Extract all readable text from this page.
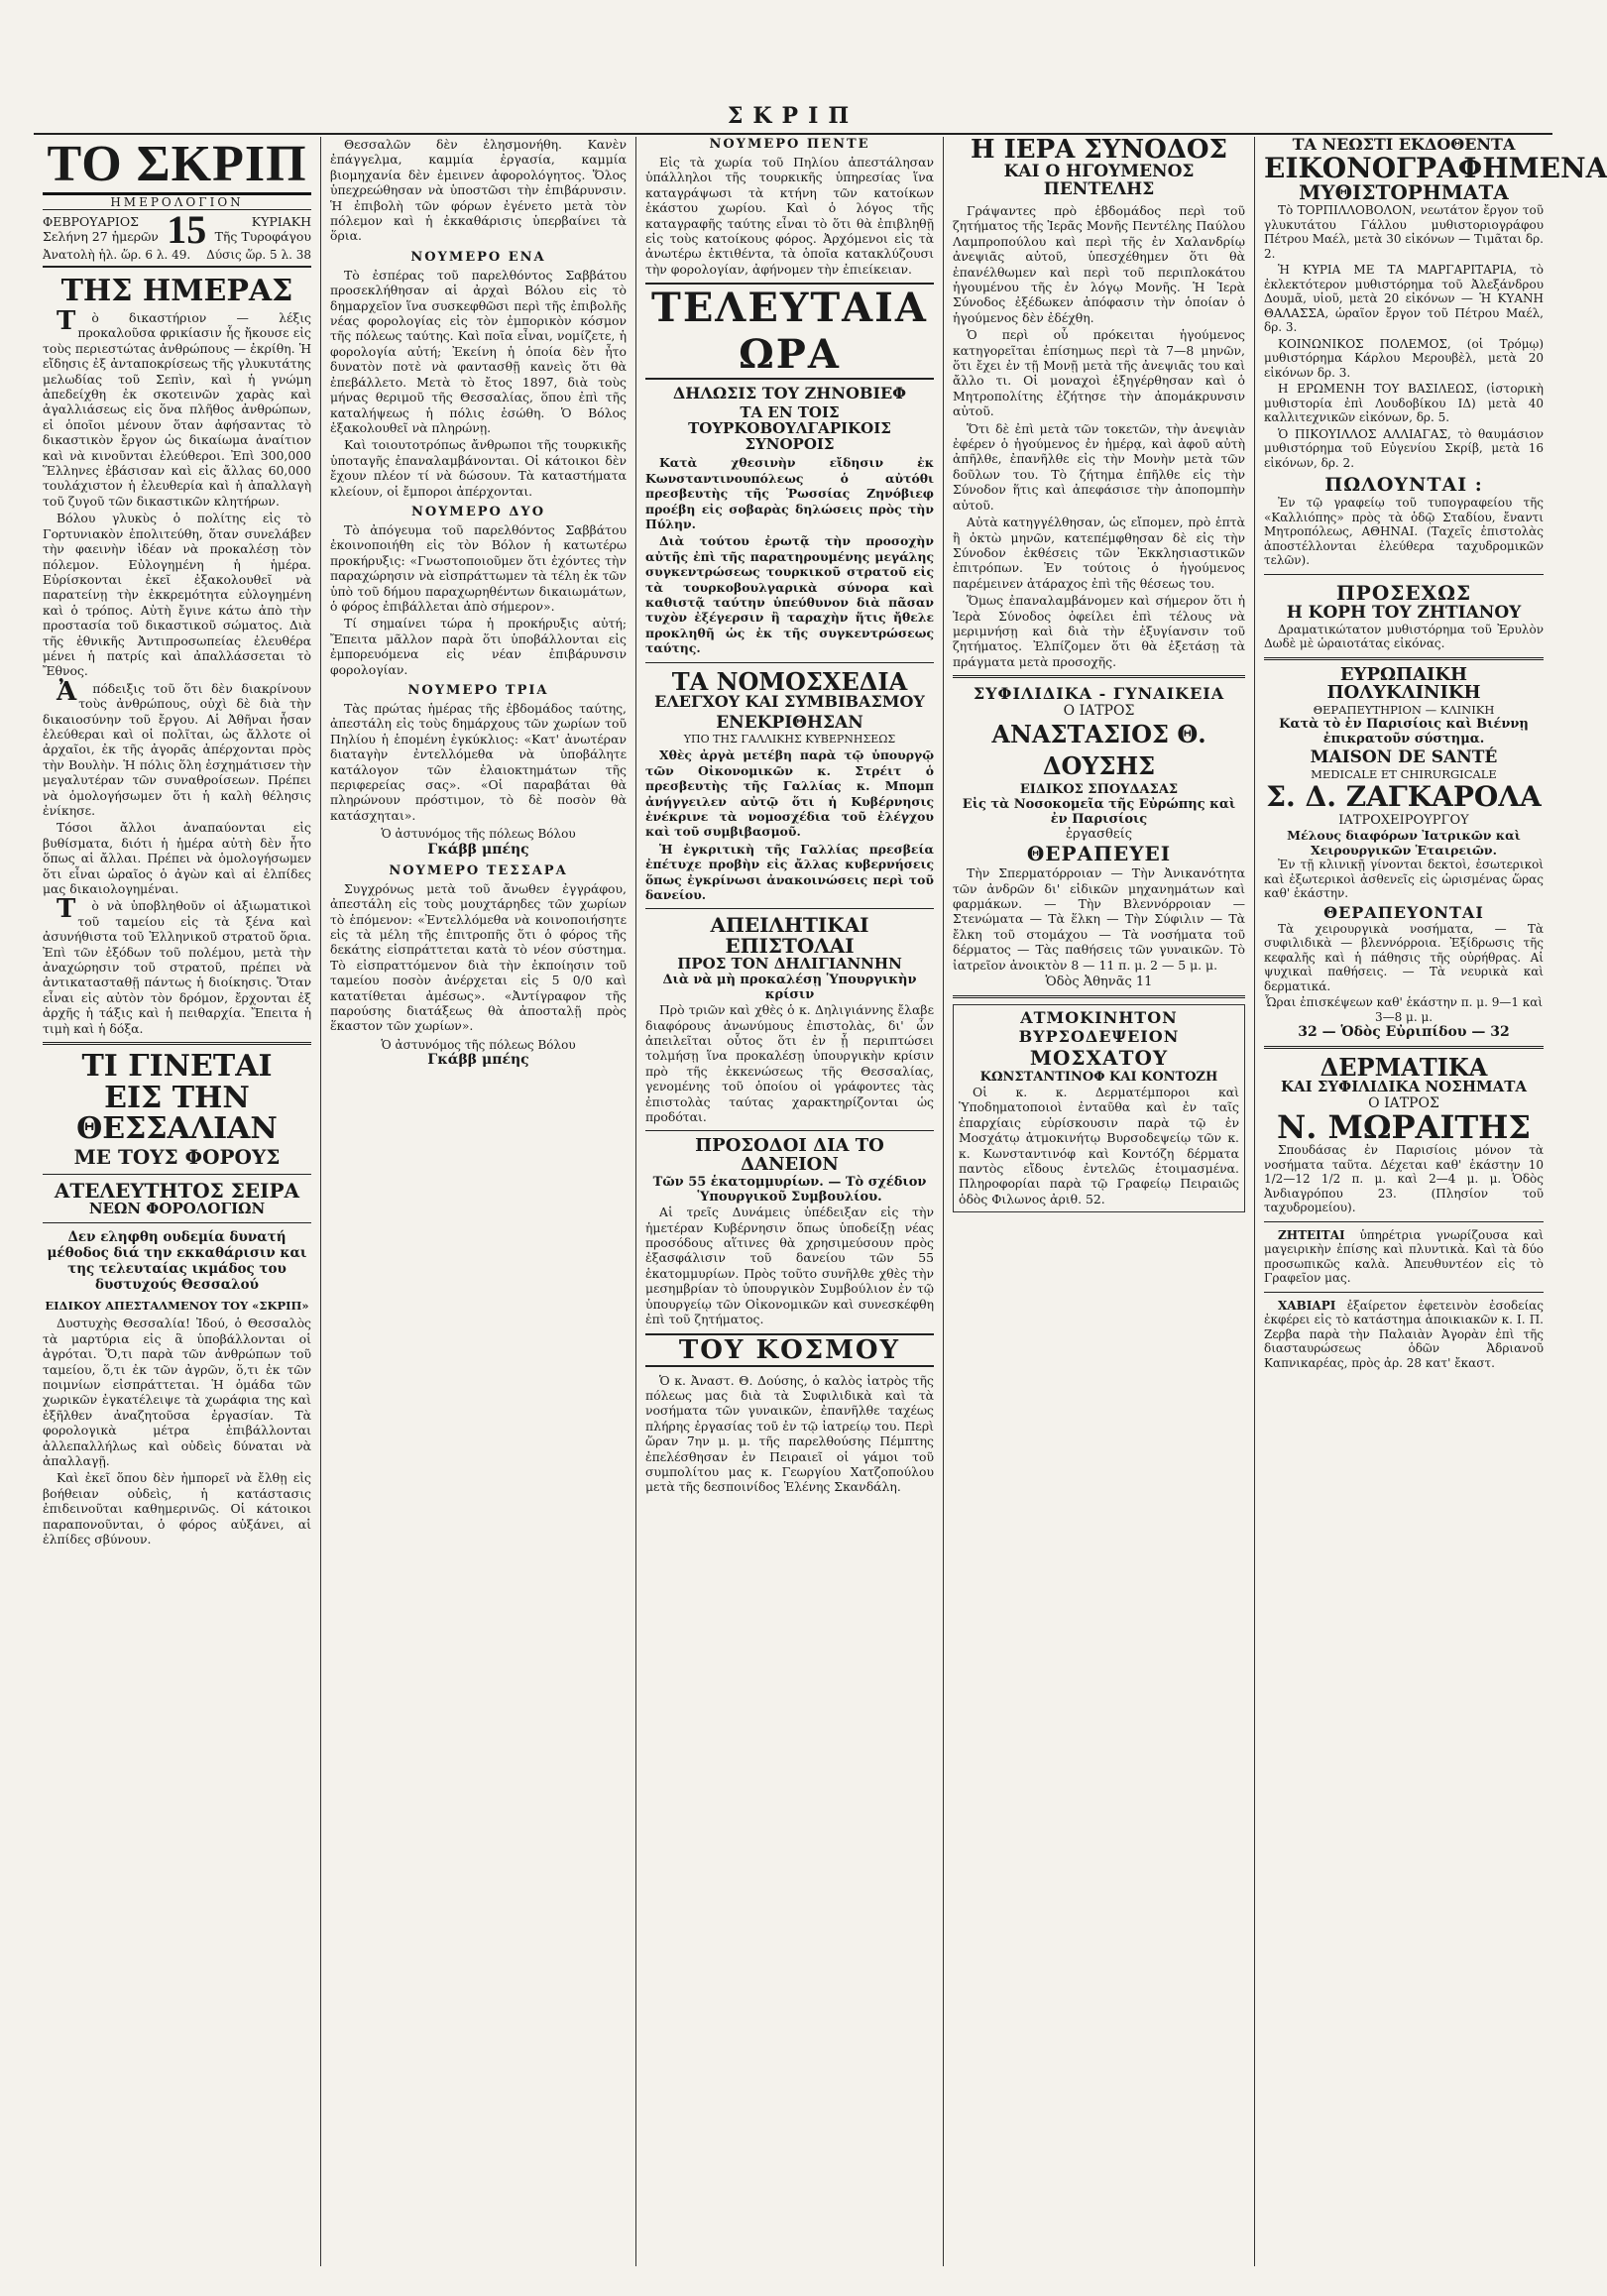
ΣΚΡΙΠ
ΤΟ ΣΚΡΙΠ
ΗΜΕΡΟΛΟΓΙΟΝ
ΦΕΒΡΟΥΑΡΙΟΣ
Σελήνη 27 ἡμερῶν 15	ΚΥΡΙΑΚΗ
Τῆς Τυροφάγου
Ἀνατολὴ ἡλ. ὥρ. 6 λ. 49. Δύσις ὥρ. 5 λ. 38
ΤΗΣ ΗΜΕΡΑΣ

Τὸ δικαστήριον — λέξις προκαλοῦσα φρικίασιν ἧς ἤκουσε εἰς τοὺς περιεστώτας ἀνθρώπους — ἐκρίθη. Ἡ εἴδησις ἐξ ἀνταποκρίσεως τῆς γλυκυτάτης μελωδίας τοῦ Σεπὶν, καὶ ἡ γνώμη ἀπεδείχθη ἐκ σκοτεινῶν χαρὰς καὶ ἀγαλλιάσεως εἰς ὅνα πλῆθος ἀνθρώπων, εἰ ὁποῖοι μένουν ὅταν ἀφήσαντας τὸ δικαστικὸν ἔργον ὡς δικαίωμα ἀναίτιον καὶ νὰ κινοῦνται ἐλεύθεροι. Ἐπὶ 300,000 Ἕλληνες ἐβάσισαν καὶ εἰς ἄλλας 60,000 τουλάχιστον ἡ ἐλευθερία καὶ ἡ ἀπαλλαγὴ τοῦ ζυγοῦ τῶν δικαστικῶν κλητήρων.

Βόλου γλυκὺς ὁ πολίτης εἰς τὸ Γορτυνιακὸν ἐπολιτεύθη, ὅταν συνελάβεν τὴν φαεινὴν ἰδέαν νὰ προκαλέσῃ τὸν πόλεμον. Εὐλογημένη ἡ ἡμέρα. Εὐρίσκονται ἐκεῖ ἐξακολουθεῖ νὰ παρατείνῃ τὴν ἐκκρεμότητα εὐλογημένη καὶ ὁ τρόπος. Αὐτὴ ἔγινε κάτω ἀπὸ τὴν προστασία τοῦ δικαστικοῦ σώματος. Διὰ τῆς ἐθνικῆς Ἀντιπροσωπείας ἐλευθέρα μένει ἡ πατρίς καὶ ἀπαλλάσσεται τὸ Ἔθνος.

Ἀπόδειξις τοῦ ὅτι δὲν διακρίνουν τοὺς ἀνθρώπους, οὐχὶ δὲ διὰ τὴν δικαιοσύνην τοῦ ἔργου. Αἱ Ἀθῆναι ἦσαν ἐλεύθεραι καὶ οἱ πολῖται, ὡς ἄλλοτε οἱ ἀρχαῖοι, ἐκ τῆς ἀγορᾶς ἀπέρχονται πρὸς τὴν Βουλὴν. Ἡ πόλις ὅλη ἐσχημάτισεν τὴν μεγαλυτέραν τῶν συναθροίσεων. Πρέπει νὰ ὁμολογήσωμεν ὅτι ἡ καλὴ θέλησις ἐνίκησε.

Τόσοι ἄλλοι ἀναπαύονται εἰς βυθίσματα, διότι ἡ ἡμέρα αὐτὴ δὲν ἦτο ὅπως αἱ ἄλλαι. Πρέπει νὰ ὁμολογήσωμεν ὅτι εἶναι ὡραῖος ὁ ἀγὼν καὶ αἱ ἐλπίδες μας δικαιολογημέναι.

Τὸ νὰ ὑποβληθοῦν οἱ ἀξιωματικοὶ τοῦ ταμείου εἰς τὰ ξένα καὶ ἀσυνήθιστα τοῦ Ἑλληνικοῦ στρατοῦ ὅρια. Ἐπὶ τῶν ἐξόδων τοῦ πολέμου, μετὰ τὴν ἀναχώρησιν τοῦ στρατοῦ, πρέπει νὰ ἀντικατασταθῇ πάντως ἡ διοίκησις. Ὅταν εἶναι εἰς αὐτὸν τὸν δρόμον, ἔρχονται ἐξ ἀρχῆς ἡ τάξις καὶ ἡ πειθαρχία. Ἔπειτα ἡ τιμὴ καὶ ἡ δόξα.

ΤΙ ΓΙΝΕΤΑΙ
ΕΙΣ ΤΗΝ ΘΕΣΣΑΛΙΑΝ
ΜΕ ΤΟΥΣ ΦΟΡΟΥΣ
ΑΤΕΛΕΥΤΗΤΟΣ ΣΕΙΡΑ
ΝΕΩΝ ΦΟΡΟΛΟΓΙΩΝ
Δεν εληφθη ουδεμία δυνατή μέθοδος διά την εκκαθάρισιν και της τελευταίας ικμάδος του δυστυχούς Θεσσαλού
ΕΙΔΙΚΟΥ ΑΠΕΣΤΑΛΜΕΝΟΥ ΤΟΥ «ΣΚΡΙΠ»

Δυστυχὴς Θεσσαλία! Ἰδού, ὁ Θεσσαλὸς τὰ μαρτύρια εἰς ἃ ὑποβάλλονται οἱ ἀγρόται. Ὅ,τι παρὰ τῶν ἀνθρώπων τοῦ ταμείου, ὅ,τι ἐκ τῶν ἀγρῶν, ὅ,τι ἐκ τῶν ποιμνίων εἰσπράττεται. Ἡ ὁμάδα τῶν χωρικῶν ἐγκατέλειψε τὰ χωράφια της καὶ ἐξῆλθεν ἀναζητοῦσα ἐργασίαν. Τὰ φορολογικὰ μέτρα ἐπιβάλλονται ἀλλεπαλλήλως καὶ οὐδεὶς δύναται νὰ ἀπαλλαγῇ.

Καὶ ἐκεῖ ὅπου δὲν ἠμπορεῖ νὰ ἔλθῃ εἰς βοήθειαν οὐδεὶς, ἡ κατάστασις ἐπιδεινοῦται καθημερινῶς. Οἱ κάτοικοι παραπονοῦνται, ὁ φόρος αὐξάνει, αἱ ἐλπίδες σβύνουν.

Θεσσαλῶν δὲν ἐλησμονήθη. Κανὲν ἐπάγγελμα, καμμία ἐργασία, καμμία βιομηχανία δὲν ἐμεινεν ἀφορολόγητος. Ὅλος ὑπεχρεώθησαν νὰ ὑποστῶσι τὴν ἐπιβάρυνσιν. Ἡ ἐπιβολὴ τῶν φόρων ἐγένετο μετὰ τὸν πόλεμον καὶ ἡ ἐκκαθάρισις ὑπερβαίνει τὰ ὅρια.

ΝΟΥΜΕΡΟ ΕΝΑ

Τὸ ἐσπέρας τοῦ παρελθόντος Σαββάτου προσεκλήθησαν αἱ ἀρχαὶ Βόλου εἰς τὸ δημαρχεῖον ἵνα συσκεφθῶσι περὶ τῆς ἐπιβολῆς νέας φορολογίας εἰς τὸν ἐμπορικὸν κόσμον τῆς πόλεως ταύτης. Καὶ ποῖα εἶναι, νομίζετε, ἡ φορολογία αὐτή; Ἐκείνη ἡ ὁποία δὲν ἦτο δυνατὸν ποτὲ νὰ φαντασθῇ κανεὶς ὅτι θὰ ἐπεβάλλετο. Μετὰ τὸ ἔτος 1897, διὰ τοὺς μήνας θεριμοῦ τῆς Θεσσαλίας, ὅπου ἐπὶ τῆς καταλήψεως ἡ πόλις ἐσώθη. Ὁ Βόλος ἐξακολουθεῖ νὰ πληρώνῃ.

Καὶ τοιουτοτρόπως ἄνθρωποι τῆς τουρκικῆς ὑποταγῆς ἐπαναλαμβάνονται. Οἱ κάτοικοι δὲν ἔχουν πλέον τί νὰ δώσουν. Τὰ καταστήματα κλείουν, οἱ ἔμποροι ἀπέρχονται.

ΝΟΥΜΕΡΟ ΔΥΟ

Τὸ ἀπόγευμα τοῦ παρελθόντος Σαββάτου ἐκοινοποιήθη εἰς τὸν Βόλον ἡ κατωτέρω προκήρυξις: «Γνωστοποιοῦμεν ὅτι ἐχόντες τὴν παραχώρησιν νὰ εἰσπράττωμεν τὰ τέλη ἐκ τῶν ὑπὸ τοῦ δήμου παραχωρηθέντων δικαιωμάτων, ὁ φόρος ἐπιβάλλεται ἀπὸ σήμερον».

Τί σημαίνει τώρα ἡ προκήρυξις αὐτή; Ἔπειτα μᾶλλον παρὰ ὅτι ὑποβάλλονται εἰς ἐμπορευόμενα εἰς νέαν ἐπιβάρυνσιν φορολογίαν.

ΝΟΥΜΕΡΟ ΤΡΙΑ

Τὰς πρώτας ἡμέρας τῆς ἐβδομάδος ταύτης, ἀπεστάλη εἰς τοὺς δημάρχους τῶν χωρίων τοῦ Πηλίου ἡ ἑπομένη ἐγκύκλιος: «Κατ' ἀνωτέραν διαταγὴν ἐντελλόμεθα νὰ ὑποβάλητε κατάλογον τῶν ἐλαιοκτημάτων τῆς περιφερείας σας». «Οἱ παραβάται θὰ πληρώνουν πρόστιμον, τὸ δὲ ποσὸν θὰ κατάσχηται».

Ὁ ἀστυνόμος τῆς πόλεως Βόλου
Γκάββ μπέης
ΝΟΥΜΕΡΟ ΤΕΣΣΑΡΑ

Συγχρόνως μετὰ τοῦ ἄνωθεν ἐγγράφου, ἀπεστάλη εἰς τοὺς μουχτάρηδες τῶν χωρίων τὸ ἑπόμενον: «Ἐντελλόμεθα νὰ κοινοποιήσητε εἰς τὰ μέλη τῆς ἐπιτροπῆς ὅτι ὁ φόρος τῆς δεκάτης εἰσπράττεται κατὰ τὸ νέον σύστημα. Τὸ εἰσπραττόμενον διὰ τὴν ἐκποίησιν τοῦ ταμείου ποσὸν ἀνέρχεται εἰς 5 0/0 καὶ κατατίθεται ἀμέσως». «Ἀντίγραφον τῆς παρούσης διατάξεως θὰ ἀποσταλῇ πρὸς ἕκαστον τῶν χωρίων».

Ὁ ἀστυνόμος τῆς πόλεως Βόλου
Γκάββ μπέης
ΝΟΥΜΕΡΟ ΠΕΝΤΕ

Εἰς τὰ χωρία τοῦ Πηλίου ἀπεστάλησαν ὑπάλληλοι τῆς τουρκικῆς ὑπηρεσίας ἵνα καταγράψωσι τὰ κτήνη τῶν κατοίκων ἑκάστου χωρίου. Καὶ ὁ λόγος τῆς καταγραφῆς ταύτης εἶναι τὸ ὅτι θὰ ἐπιβληθῇ εἰς τοὺς κατοίκους φόρος. Ἀρχόμενοι εἰς τὰ ἀνωτέρω ἐκτιθέντα, τὰ ὁποῖα κατακλύζουσι τὴν φορολογίαν, ἀφήνομεν τὴν ἐπιείκειαν.

ΤΕΛΕΥΤΑΙΑ ΩΡΑ
ΔΗΛΩΣΙΣ ΤΟΥ ΖΗΝΟΒΙΕΦ
ΤΑ ΕΝ ΤΟΙΣ ΤΟΥΡΚΟΒΟΥΛΓΑΡΙΚΟΙΣ ΣΥΝΟΡΟΙΣ

Κατὰ χθεσινὴν εἴδησιν ἐκ Κωνσταντινουπόλεως ὁ αὐτόθι πρεσβευτὴς τῆς Ῥωσσίας Ζηνόβιεφ προέβη εἰς σοβαρὰς δηλώσεις πρὸς τὴν Πύλην.

Διὰ τούτου ἐρωτᾷ τὴν προσοχὴν αὐτῆς ἐπὶ τῆς παρατηρουμένης μεγάλης συγκεντρώσεως τουρκικοῦ στρατοῦ εἰς τὰ τουρκοβουλγαρικὰ σύνορα καὶ καθιστᾷ ταύτην ὑπεύθυνον διὰ πᾶσαν τυχὸν ἐξέγερσιν ἢ ταραχὴν ἥτις ἤθελε προκληθῆ ὡς ἐκ τῆς συγκεντρώσεως ταύτης.

ΤΑ ΝΟΜΟΣΧΕΔΙΑ
ΕΛΕΓΧΟΥ ΚΑΙ ΣΥΜΒΙΒΑΣΜΟΥ
ΕΝΕΚΡΙΘΗΣΑΝ
ΥΠΟ ΤΗΣ ΓΑΛΛΙΚΗΣ ΚΥΒΕΡΝΗΣΕΩΣ

Χθὲς ἀργὰ μετέβη παρὰ τῷ ὑπουργῷ τῶν Οἰκονομικῶν κ. Στρέιτ ὁ πρεσβευτὴς τῆς Γαλλίας κ. Μπομπ ἀνήγγειλεν αὐτῷ ὅτι ἡ Κυβέρνησις ἐνέκρινε τὰ νομοσχέδια τοῦ ἐλέγχου καὶ τοῦ συμβιβασμοῦ.

Ἡ ἐγκριτικὴ τῆς Γαλλίας πρεσβεία ἐπέτυχε προβὴν εἰς ἄλλας κυβερνήσεις ὅπως ἐγκρίνωσι ἀνακοινώσεις περὶ τοῦ δανείου.

ΑΠΕΙΛΗΤΙΚΑΙ ΕΠΙΣΤΟΛΑΙ
ΠΡΟΣ ΤΟΝ ΔΗΛΙΓΙΑΝΝΗΝ
Διὰ νὰ μὴ προκαλέσῃ Ὑπουργικὴν κρίσιν

Πρὸ τριῶν καὶ χθὲς ὁ κ. Δηλιγιάννης ἔλαβε διαφόρους ἀνωνύμους ἐπιστολὰς, δι' ὧν ἀπειλεῖται οὗτος ὅτι ἐν ᾗ περιπτώσει τολμήσῃ ἵνα προκαλέσῃ ὑπουργικὴν κρίσιν πρὸ τῆς ἐκκενώσεως τῆς Θεσσαλίας, γενομένης τοῦ ὁποίου οἱ γράφοντες τὰς ἐπιστολὰς ταύτας χαρακτηρίζονται ὡς προδόται.

ΠΡΟΣΟΔΟΙ ΔΙΑ ΤΟ ΔΑΝΕΙΟΝ
Τῶν 55 ἑκατομμυρίων. — Τὸ σχέδιον Ὑπουργικοῦ Συμβουλίου.

Αἱ τρεῖς Δυνάμεις ὑπέδειξαν εἰς τὴν ἡμετέραν Κυβέρνησιν ὅπως ὑποδείξῃ νέας προσόδους αἵτινες θὰ χρησιμεύσουν πρὸς ἐξασφάλισιν τοῦ δανείου τῶν 55 ἑκατομμυρίων. Πρὸς τοῦτο συνῆλθε χθὲς τὴν μεσημβρίαν τὸ ὑπουργικὸν Συμβούλιον ἐν τῷ ὑπουργείῳ τῶν Οἰκονομικῶν καὶ συνεσκέφθη ἐπὶ τοῦ ζητήματος.

ΤΟΥ ΚΟΣΜΟΥ

Ὁ κ. Ἀναστ. Θ. Δούσης, ὁ καλὸς ἰατρὸς τῆς πόλεως μας διὰ τὰ Συφιλιδικὰ καὶ τὰ νοσήματα τῶν γυναικῶν, ἐπανῆλθε ταχέως πλήρης ἐργασίας τοῦ ἐν τῷ ἰατρείῳ του. Περὶ ὥραν 7ην μ. μ. τῆς παρελθούσης Πέμπτης ἐπελέσθησαν ἐν Πειραιεῖ οἱ γάμοι τοῦ συμπολίτου μας κ. Γεωργίου Χατζοπούλου μετὰ τῆς δεσποινίδος Ἑλένης Σκανδάλη.

Η ΙΕΡΑ ΣΥΝΟΔΟΣ
ΚΑΙ Ο ΗΓΟΥΜΕΝΟΣ ΠΕΝΤΕΛΗΣ

Γράψαντες πρὸ ἑβδομάδος περὶ τοῦ ζητήματος τῆς Ἱερᾶς Μονῆς Πεντέλης Παύλου Λαμπροπούλου καὶ περὶ τῆς ἐν Χαλανδρίῳ ἀνεψιᾶς αὐτοῦ, ὑπεσχέθημεν ὅτι θὰ ἐπανέλθωμεν καὶ περὶ τοῦ περιπλοκάτου ἡγουμένου τῆς ἐν λόγῳ Μονῆς. Ἡ Ἱερὰ Σύνοδος ἐξέδωκεν ἀπόφασιν τὴν ὁποίαν ὁ ἡγούμενος δὲν ἐδέχθη.

Ὁ περὶ οὗ πρόκειται ἡγούμενος κατηγορεῖται ἐπίσημως περὶ τὰ 7—8 μηνῶν, ὅτι ἔχει ἐν τῇ Μονῇ μετὰ τῆς ἀνεψιᾶς του καὶ ἄλλο τι. Οἱ μοναχοὶ ἐξηγέρθησαν καὶ ὁ Μητροπολίτης ἐζήτησε τὴν ἀπομάκρυνσιν αὐτοῦ.

Ὅτι δὲ ἐπὶ μετὰ τῶν τοκετῶν, τὴν ἀνεψιὰν ἐφέρεν ὁ ἡγούμενος ἐν ἡμέρᾳ, καὶ ἀφοῦ αὐτὴ ἀπῆλθε, ἐπανῆλθε εἰς τὴν Μονὴν μετὰ τῶν δοῦλων του. Τὸ ζήτημα ἐπῆλθε εἰς τὴν Σύνοδον ἥτις καὶ ἀπεφάσισε τὴν ἀποπομπὴν αὐτοῦ.

Αὐτὰ κατηγγέλθησαν, ὡς εἴπομεν, πρὸ ἑπτὰ ἢ ὀκτὼ μηνῶν, κατεπέμφθησαν δὲ εἰς τὴν Σύνοδον ἐκθέσεις τῶν Ἐκκλησιαστικῶν ἐπιτρόπων. Ἐν τούτοις ὁ ἡγούμενος παρέμεινεν ἀτάραχος ἐπὶ τῆς θέσεως του.

Ὅμως ἐπαναλαμβάνομεν καὶ σήμερον ὅτι ἡ Ἱερὰ Σύνοδος ὀφείλει ἐπὶ τέλους νὰ μεριμνήσῃ καὶ διὰ τὴν ἐξυγίανσιν τοῦ ζητήματος. Ἐλπίζομεν ὅτι θὰ ἐξετάσῃ τὰ πράγματα μετὰ προσοχῆς.

ΣΥΦΙΛΙΔΙΚΑ - ΓΥΝΑΙΚΕΙΑ
Ο ΙΑΤΡΟΣ
ΑΝΑΣΤΑΣΙΟΣ Θ. ΔΟΥΣΗΣ
ΕΙΔΙΚΟΣ ΣΠΟΥΔΑΣΑΣ
Εἰς τὰ Νοσοκομεῖα τῆς Εὐρώπης καὶ ἐν Παρισίοις
ἐργασθείς
ΘΕΡΑΠΕΥΕΙ

Τὴν Σπερματόρροιαν — Τὴν Ἀνικανότητα τῶν ἀνδρῶν δι' εἰδικῶν μηχανημάτων καὶ φαρμάκων. — Τὴν Βλεννόρροιαν — Στενώματα — Τὰ ἕλκη — Τὴν Σύφιλιν — Τὰ ἔλκη τοῦ στομάχου — Τὰ νοσήματα τοῦ δέρματος — Τὰς παθήσεις τῶν γυναικῶν. Τὸ ἰατρεῖον ἀνοικτὸν 8 — 11 π. μ. 2 — 5 μ. μ.

Ὁδὸς Ἀθηνᾶς 11
ΑΤΜΟΚΙΝΗΤΟΝ ΒΥΡΣΟΔΕΨΕΙΟΝ
ΜΟΣΧΑΤΟΥ
ΚΩΝΣΤΑΝΤΙΝΟΦ ΚΑΙ ΚΟΝΤΟΖΗ

Οἱ κ. κ. Δερματέμποροι καὶ Ὑποδηματοποιοὶ ἐνταῦθα καὶ ἐν ταῖς ἐπαρχίαις εὑρίσκουσιν παρὰ τῷ ἐν Μοσχάτῳ ἀτμοκινήτῳ Βυρσοδεψείῳ τῶν κ. κ. Κωνσταντινόφ καὶ Κοντόζη δέρματα παντὸς εἴδους ἐντελῶς ἑτοιμασμένα. Πληροφορίαι παρὰ τῷ Γραφείῳ Πειραιῶς ὁδὸς Φιλωνος ἀριθ. 52.

ΤΑ ΝΕΩΣΤΙ ΕΚΔΟΘΕΝΤΑ
ΕΙΚΟΝΟΓΡΑΦΗΜΕΝΑ
ΜΥΘΙΣΤΟΡΗΜΑΤΑ

Τὸ ΤΟΡΠΙΛΛΟΒΟΛΟΝ, νεωτάτον ἔργον τοῦ γλυκυτάτου Γάλλου μυθιστοριογράφου Πέτρου Μαέλ, μετὰ 30 εἰκόνων — Τιμᾶται δρ. 2.

Ἡ ΚΥΡΙΑ ΜΕ ΤΑ ΜΑΡΓΑΡΙΤΑΡΙΑ, τὸ ἐκλεκτότερον μυθιστόρημα τοῦ Ἀλεξάνδρου Δουμᾶ, υἱοῦ, μετὰ 20 εἰκόνων — Ἡ ΚΥΑΝΗ ΘΑΛΑΣΣΑ, ὡραῖον ἔργον τοῦ Πέτρου Μαέλ, δρ. 3.

ΚΟΙΝΩΝΙΚΟΣ ΠΟΛΕΜΟΣ, (οἱ Τρόμῳ) μυθιστόρημα Κάρλου Μερουβὲλ, μετὰ 20 εἰκόνων δρ. 3.

Η ΕΡΩΜΕΝΗ ΤΟΥ ΒΑΣΙΛΕΩΣ, (ἱστορικὴ μυθιστορία ἐπὶ Λουδοβίκου ΙΔ) μετὰ 40 καλλιτεχνικῶν εἰκόνων, δρ. 5.

Ὁ ΠΙΚΟΥΙΛΛΟΣ ΑΛΛΙΑΓΑΣ, τὸ θαυμάσιον μυθιστόρημα τοῦ Εὐγενίου Σκρίβ, μετὰ 16 εἰκόνων, δρ. 2.

ΠΩΛΟΥΝΤΑΙ :

Ἐν τῷ γραφείῳ τοῦ τυπογραφείου τῆς «Καλλιόπης» πρὸς τὰ ὁδῷ Σταδίου, ἔναντι Μητροπόλεως, ΑΘΗΝΑΙ. (Ταχεῖς ἐπιστολὰς ἀποστέλλονται ἐλεύθερα ταχυδρομικῶν τελῶν).

ΠΡΟΣΕΧΩΣ
Η ΚΟΡΗ ΤΟΥ ΖΗΤΙΑΝΟΥ

Δραματικώτατον μυθιστόρημα τοῦ Ἐρυλὸν Δωδὲ μὲ ὡραιοτάτας εἰκόνας.

ΕΥΡΩΠΑΙΚΗ ΠΟΛΥΚΛΙΝΙΚΗ
ΘΕΡΑΠΕΥΤΗΡΙΟΝ — ΚΛΙΝΙΚΗ
Κατὰ τὸ ἐν Παρισίοις καὶ Βιέννῃ ἐπικρατοῦν σύστημα.
MAISON DE SANTÉ
MEDICALE ET CHIRURGICALE
Σ. Δ. ΖΑΓΚΑΡΟΛΑ
ΙΑΤΡΟΧΕΙΡΟΥΡΓΟΥ
Μέλους διαφόρων Ἰατρικῶν καὶ Χειρουργικῶν Ἑταιρειῶν.

Ἐν τῇ κλινικῇ γίνονται δεκτοὶ, ἐσωτερικοὶ καὶ ἐξωτερικοὶ ἀσθενεῖς εἰς ὡρισμένας ὥρας καθ' ἑκάστην.

ΘΕΡΑΠΕΥΟΝΤΑΙ

Τὰ χειρουργικὰ νοσήματα, — Τὰ συφιλιδικὰ — βλεννόρροια. Ἐξίδρωσις τῆς κεφαλῆς καὶ ἡ πάθησις τῆς οὐρήθρας. Αἱ ψυχικαὶ παθήσεις. — Τὰ νευρικὰ καὶ δερματικά.

Ὧραι ἐπισκέψεων καθ' ἑκάστην π. μ. 9—1 καὶ 3—8 μ. μ.
32 — Ὁδὸς Εὐριπίδου — 32
ΔΕΡΜΑΤΙΚΑ
ΚΑΙ ΣΥΦΙΛΙΔΙΚΑ ΝΟΣΗΜΑΤΑ
Ο ΙΑΤΡΟΣ
Ν. ΜΩΡΑΙΤΗΣ

Σπουδάσας ἐν Παρισίοις μόνον τὰ νοσήματα ταῦτα. Δέχεται καθ' ἑκάστην 10 1/2—12 1/2 π. μ. καὶ 2—4 μ. μ. Ὁδὸς Ἀνδιαγρόπου 23. (Πλησίον τοῦ ταχυδρομείου).

ΖΗΤΕΙΤΑΙ ὑπηρέτρια γνωρίζουσα καὶ μαγειρικὴν ἐπίσης καὶ πλυντικὰ. Καὶ τὰ δύο προσωπικῶς καλὰ. Ἀπευθυντέον εἰς τὸ Γραφεῖον μας.

ΧΑΒΙΑΡΙ ἐξαίρετον ἐφετεινὸν ἐσοδείας ἐκφέρει εἰς τὸ κατάστημα ἀποικιακῶν κ. Ι. Π. Ζερβα παρὰ τὴν Παλαιὰν Ἀγορὰν ἐπὶ τῆς διασταυρώσεως ὁδῶν Ἀδριανοῦ Καπνικαρέας, πρὸς ἀρ. 28 κατ' ἔκαστ.
